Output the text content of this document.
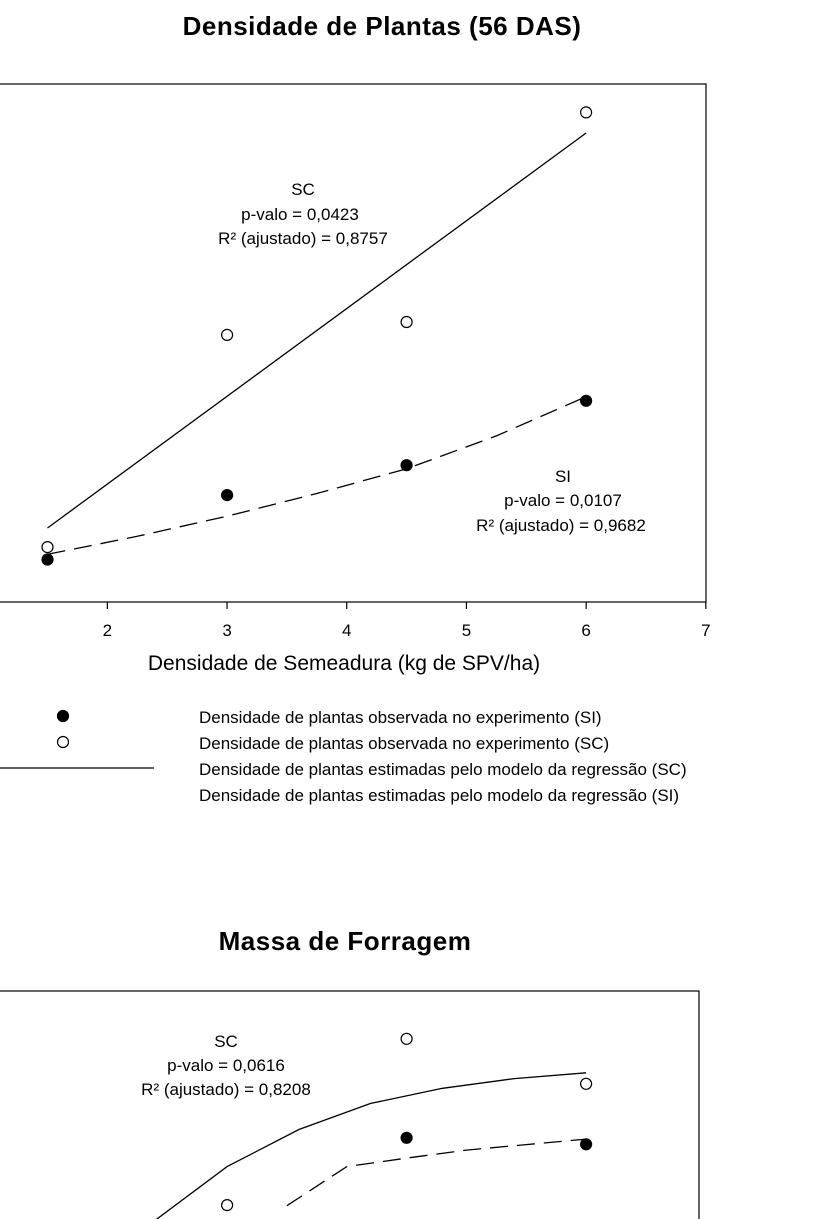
Densidade de Plantas (56 DAS)
2	3	4	5	6	7
Densidade de Semeadura (kg de SPV/ha)
SC
p-valo = 0,0423
R² (ajustado) = 0,8757
SI
p-valo = 0,0107
R² (ajustado) = 0,9682
Densidade de plantas observada no experimento (SI)
Densidade de plantas observada no experimento (SC)
Densidade de plantas estimadas pelo modelo da regressão (SC)
Densidade de plantas estimadas pelo modelo da regressão (SI)
Massa de Forragem
SC
p-valo = 0,0616
R² (ajustado) = 0,8208
